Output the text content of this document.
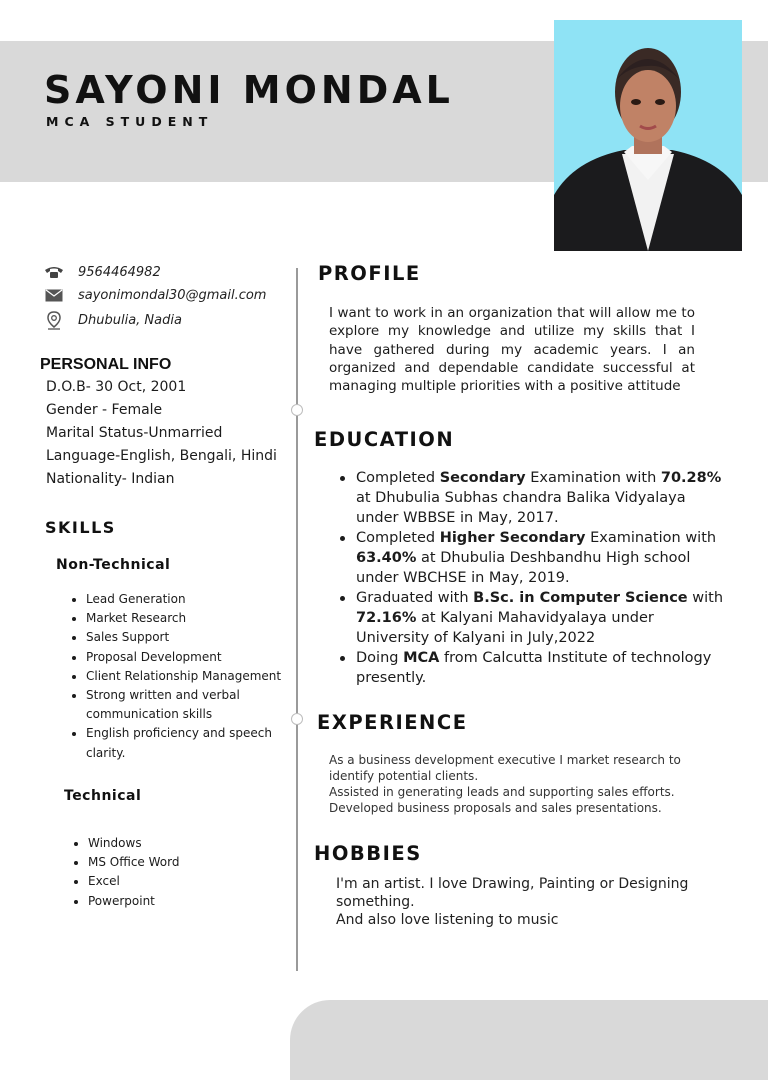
SAYONI MONDAL
MCA STUDENT
9564464982
sayonimondal30@gmail.com
Dhubulia, Nadia
PERSONAL INFO
D.O.B- 30 Oct, 2001
Gender - Female
Marital Status-Unmarried
Language-English, Bengali, Hindi
Nationality- Indian
SKILLS
Non-Technical
Lead Generation
Market Research
Sales Support
Proposal Development
Client Relationship Management
Strong written and verbal communication skills
English proficiency and speech clarity.
Technical
Windows
MS Office Word
Excel
Powerpoint
PROFILE
I want to work in an organization that will allow me to explore my knowledge and utilize my skills that I have gathered during my academic years. I an organized and dependable candidate successful at managing multiple priorities with a positive attitude
EDUCATION
Completed Secondary Examination with 70.28% at Dhubulia Subhas chandra Balika Vidyalaya under WBBSE in May, 2017.
Completed Higher Secondary Examination with 63.40% at Dhubulia Deshbandhu High school under WBCHSE in May, 2019.
Graduated with B.Sc. in Computer Science with 72.16% at Kalyani Mahavidyalaya under University of Kalyani in July,2022
Doing MCA from Calcutta Institute of technology presently.
EXPERIENCE
As a business development executive I market research to identify potential clients.
Assisted in generating leads and supporting sales efforts.
Developed business proposals and sales presentations.
HOBBIES
I'm an artist. I love Drawing, Painting or Designing something.
And also love listening to music
